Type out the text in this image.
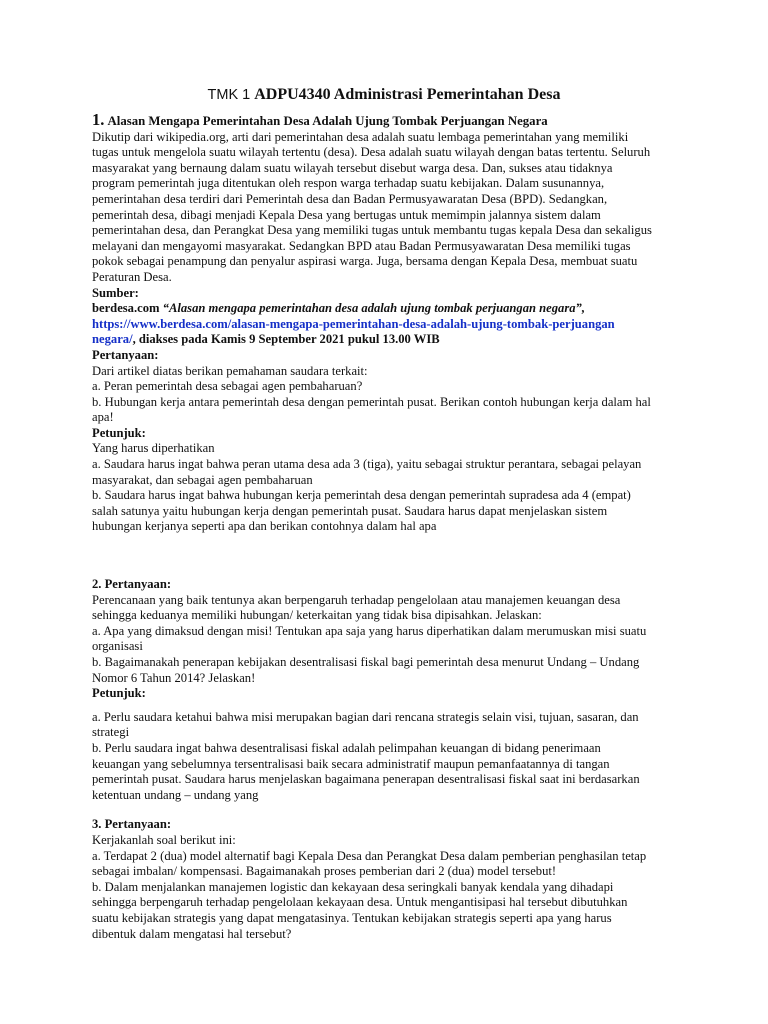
TMK 1 ADPU4340 Administrasi Pemerintahan Desa
1. Alasan Mengapa Pemerintahan Desa Adalah Ujung Tombak Perjuangan Negara

Dikutip dari wikipedia.org, arti dari pemerintahan desa adalah suatu lembaga pemerintahan yang memiliki tugas untuk mengelola suatu wilayah tertentu (desa). Desa adalah suatu wilayah dengan batas tertentu. Seluruh masyarakat yang bernaung dalam suatu wilayah tersebut disebut warga desa. Dan, sukses atau tidaknya program pemerintah juga ditentukan oleh respon warga terhadap suatu kebijakan. Dalam susunannya, pemerintahan desa terdiri dari Pemerintah desa dan Badan Permusyawaratan Desa (BPD). Sedangkan, pemerintah desa, dibagi menjadi Kepala Desa yang bertugas untuk memimpin jalannya sistem dalam pemerintahan desa, dan Perangkat Desa yang memiliki tugas untuk membantu tugas kepala Desa dan sekaligus melayani dan mengayomi masyarakat. Sedangkan BPD atau Badan Permusyawaratan Desa memiliki tugas pokok sebagai penampung dan penyalur aspirasi warga. Juga, bersama dengan Kepala Desa, membuat suatu Peraturan Desa.

Sumber:
berdesa.com “Alasan mengapa pemerintahan desa adalah ujung tombak perjuangan negara”, https://www.berdesa.com/alasan-mengapa-pemerintahan-desa-adalah-ujung-tombak-perjuangan negara/, diakses pada Kamis 9 September 2021 pukul 13.00 WIB
Pertanyaan:
Dari artikel diatas berikan pemahaman saudara terkait:
a. Peran pemerintah desa sebagai agen pembaharuan?
b. Hubungan kerja antara pemerintah desa dengan pemerintah pusat. Berikan contoh hubungan kerja dalam hal apa!
Petunjuk:
Yang harus diperhatikan
a. Saudara harus ingat bahwa peran utama desa ada 3 (tiga), yaitu sebagai struktur perantara, sebagai pelayan masyarakat, dan sebagai agen pembaharuan
b. Saudara harus ingat bahwa hubungan kerja pemerintah desa dengan pemerintah supradesa ada 4 (empat) salah satunya yaitu hubungan kerja dengan pemerintah pusat. Saudara harus dapat menjelaskan sistem hubungan kerjanya seperti apa dan berikan contohnya dalam hal apa
2. Pertanyaan:
Perencanaan yang baik tentunya akan berpengaruh terhadap pengelolaan atau manajemen keuangan desa sehingga keduanya memiliki hubungan/ keterkaitan yang tidak bisa dipisahkan. Jelaskan:
a. Apa yang dimaksud dengan misi! Tentukan apa saja yang harus diperhatikan dalam merumuskan misi suatu organisasi
b. Bagaimanakah penerapan kebijakan desentralisasi fiskal bagi pemerintah desa menurut Undang – Undang Nomor 6 Tahun 2014? Jelaskan!
Petunjuk:
a. Perlu saudara ketahui bahwa misi merupakan bagian dari rencana strategis selain visi, tujuan, sasaran, dan strategi
b. Perlu saudara ingat bahwa desentralisasi fiskal adalah pelimpahan keuangan di bidang penerimaan keuangan yang sebelumnya tersentralisasi baik secara administratif maupun pemanfaatannya di tangan pemerintah pusat. Saudara harus menjelaskan bagaimana penerapan desentralisasi fiskal saat ini berdasarkan ketentuan undang – undang yang
3. Pertanyaan:
Kerjakanlah soal berikut ini:
a. Terdapat 2 (dua) model alternatif bagi Kepala Desa dan Perangkat Desa dalam pemberian penghasilan tetap sebagai imbalan/ kompensasi. Bagaimanakah proses pemberian dari 2 (dua) model tersebut!
b. Dalam menjalankan manajemen logistic dan kekayaan desa seringkali banyak kendala yang dihadapi sehingga berpengaruh terhadap pengelolaan kekayaan desa. Untuk mengantisipasi hal tersebut dibutuhkan suatu kebijakan strategis yang dapat mengatasinya. Tentukan kebijakan strategis seperti apa yang harus dibentuk dalam mengatasi hal tersebut?
